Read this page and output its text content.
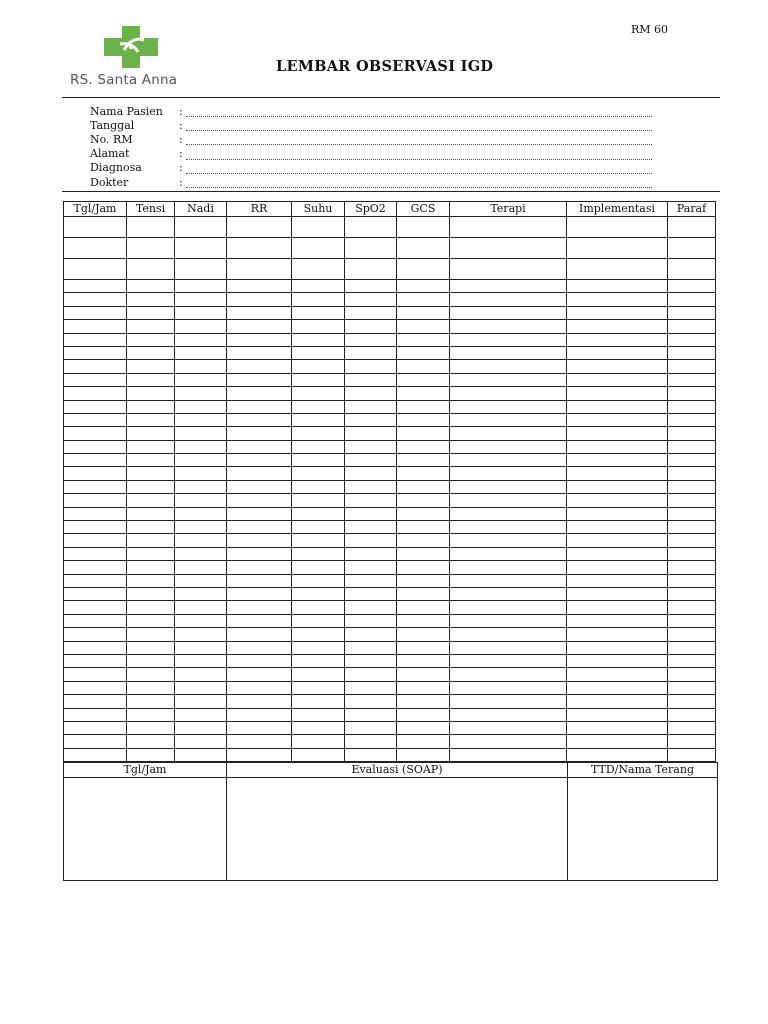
RS. Santa Anna
RM 60
LEMBAR OBSERVASI IGD
Nama Pasien	:
Tanggal	:
No. RM	:
Alamat	:
Diagnosa	:
Dokter	:
Tgl/Jam	Tensi	Nadi	RR	Suhu	SpO2	GCS	Terapi	Implementasi	Paraf

Tgl/Jam	Evaluasi (SOAP)	TTD/Nama Terang
